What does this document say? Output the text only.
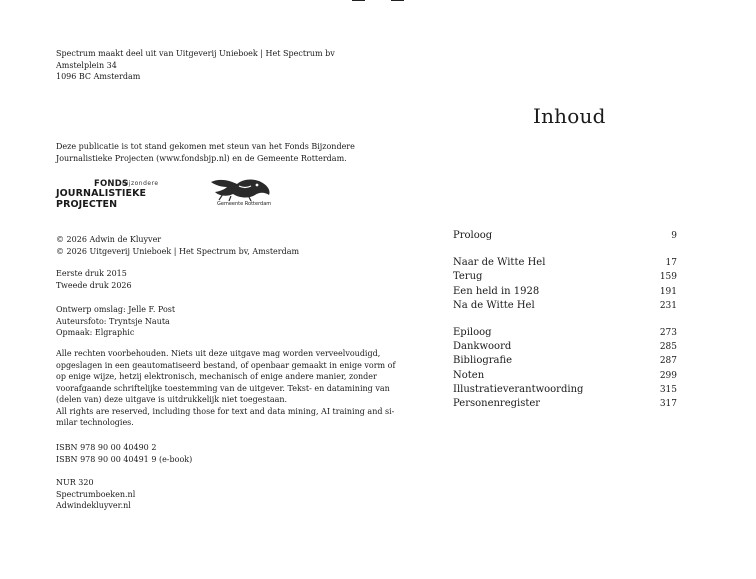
Spectrum maakt deel uit van Uitgeverij Unieboek | Het Spectrum bv
Amstelplein 34
1096 BC Amsterdam
Deze publicatie is tot stand gekomen met steun van het Fonds Bijzondere
Journalistieke Projecten (www.fondsbjp.nl) en de Gemeente Rotterdam.
FONDS
Bijzondere
JOURNALISTIEKE PROJECTEN	Gemeente Rotterdam
© 2026 Adwin de Kluyver
© 2026 Uitgeverij Unieboek | Het Spectrum bv, Amsterdam
Eerste druk 2015
Tweede druk 2026
Ontwerp omslag: Jelle F. Post
Auteursfoto: Tryntsje Nauta
Opmaak: Elgraphic
Alle rechten voorbehouden. Niets uit deze uitgave mag worden verveelvoudigd,
opgeslagen in een geautomatiseerd bestand, of openbaar gemaakt in enige vorm of
op enige wijze, hetzij elektronisch, mechanisch of enige andere manier, zonder
voorafgaande schriftelijke toestemming van de uitgever. Tekst- en datamining van
(delen van) deze uitgave is uitdrukkelijk niet toegestaan.
All rights are reserved, including those for text and data mining, AI training and si-
milar technologies.
ISBN 978 90 00 40490 2
ISBN 978 90 00 40491 9 (e-book)
NUR 320
Spectrumboeken.nl
Adwindekluyver.nl
Inhoud
Proloog	9
Naar de Witte Hel	17
Terug	159
Een held in 1928	191
Na de Witte Hel	231
Epiloog	273
Dankwoord	285
Bibliografie	287
Noten	299
Illustratieverantwoording	315
Personenregister	317
